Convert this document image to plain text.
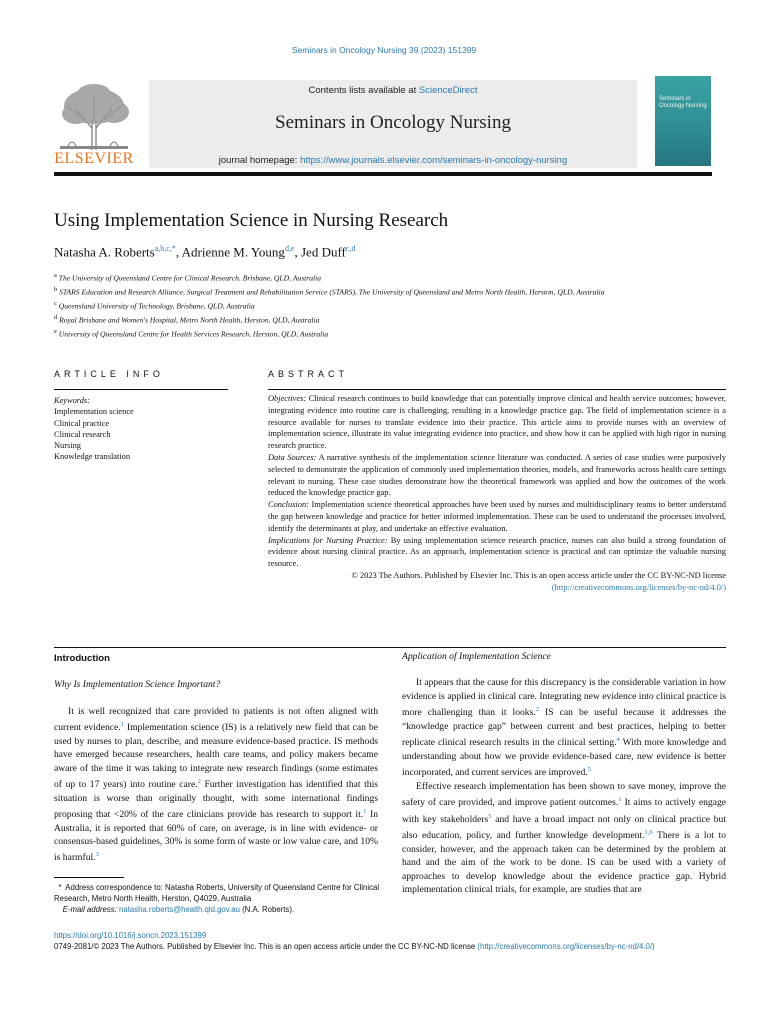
Seminars in Oncology Nursing 39 (2023) 151399
ELSEVIER
Contents lists available at ScienceDirect
Seminars in Oncology Nursing
journal homepage: https://www.journals.elsevier.com/seminars-in-oncology-nursing
Seminars in
Oncology Nursing
Using Implementation Science in Nursing Research
Natasha A. Roberts$^{a,b,c,*}$, Adrienne M. Young$^{d,e}$, Jed Duff$^{c,d}$
$^a$ The University of Queensland Centre for Clinical Research, Brisbane, QLD, Australia
$^b$ STARS Education and Research Alliance, Surgical Treatment and Rehabilitation Service (STARS), The University of Queensland and Metro North Health, Herston, QLD, Australia
$^c$ Queensland University of Technology, Brisbane, QLD, Australia
$^d$ Royal Brisbane and Women's Hospital, Metro North Health, Herston, QLD, Australia
$^e$ University of Queensland Centre for Health Services Research, Herston, QLD, Australia
ARTICLE INFO	ABSTRACT
Keywords:
Implementation science
Clinical practice
Clinical research
Nursing
Knowledge translation

Objectives: Clinical research continues to build knowledge that can potentially improve clinical and health service outcomes; however, integrating evidence into routine care is challenging, resulting in a knowledge practice gap. The field of implementation science is a resource available for nurses to translate evidence into their practice. This article aims to provide nurses with an overview of implementation science, illustrate its value integrating evidence into practice, and show how it can be applied with high rigor in nursing research practice.

Data Sources: A narrative synthesis of the implementation science literature was conducted. A series of case studies were purposively selected to demonstrate the application of commonly used implementation theories, models, and frameworks across health care settings relevant to nursing. These case studies demonstrate how the theoretical framework was applied and how the outcomes of the work reduced the knowledge practice gap.

Conclusion: Implementation science theoretical approaches have been used by nurses and multidisciplinary teams to better understand the gap between knowledge and practice for better informed implementation. These can be used to understand the processes involved, identify the determinants at play, and undertake an effective evaluation.

Implications for Nursing Practice: By using implementation science research practice, nurses can also build a strong foundation of evidence about nursing clinical practice. As an approach, implementation science is practical and can optimize the valuable nursing resource.

© 2023 The Authors. Published by Elsevier Inc. This is an open access article under the CC BY-NC-ND license
(http://creativecommons.org/licenses/by-nc-nd/4.0/)

Introduction

Why Is Implementation Science Important?

It is well recognized that care provided to patients is not often aligned with current evidence.$^1$ Implementation science (IS) is a relatively new field that can be used by nurses to plan, describe, and measure evidence-based practice. IS methods have emerged because researchers, health care teams, and policy makers became aware of the time it was taking to integrate new research findings (some estimates of up to 17 years) into routine care.$^2$ Further investigation has identified that this situation is worse than originally thought, with some international findings proposing that <20% of the care clinicians provide has research to support it.$^1$ In Australia, it is reported that 60% of care, on average, is in line with evidence- or consensus-based guidelines, 30% is some form of waste or low value care, and 10% is harmful.$^3$

Application of Implementation Science

It appears that the cause for this discrepancy is the considerable variation in how evidence is applied in clinical care. Integrating new evidence into clinical practice is more challenging than it looks.$^2$ IS can be useful because it addresses the “knowledge practice gap” between current and best practices, helping to better replicate clinical research results in the clinical setting.$^4$ With more knowledge and understanding about how we provide evidence-based care, new evidence is better incorporated, and current services are improved.$^5$

Effective research implementation has been shown to save money, improve the safety of care provided, and improve patient outcomes.$^1$ It aims to actively engage with key stakeholders$^5$ and have a broad impact not only on clinical practice but also education, policy, and further knowledge development.$^{1,6}$ There is a lot to consider, however, and the approach taken can be determined by the problem at hand and the aim of the work to be done. IS can be used with a variety of approaches to develop knowledge about the evidence practice gap. Hybrid implementation clinical trials, for example, are studies that are

* Address correspondence to: Natasha Roberts, University of Queensland Centre for Clinical Research, Metro North Health, Herston, Q4029, Australia
E-mail address: natasha.roberts@health.qld.gov.au (N.A. Roberts).
https://doi.org/10.1016/j.soncn.2023.151399
0749-2081/© 2023 The Authors. Published by Elsevier Inc. This is an open access article under the CC BY-NC-ND license (http://creativecommons.org/licenses/by-nc-nd/4.0/)
